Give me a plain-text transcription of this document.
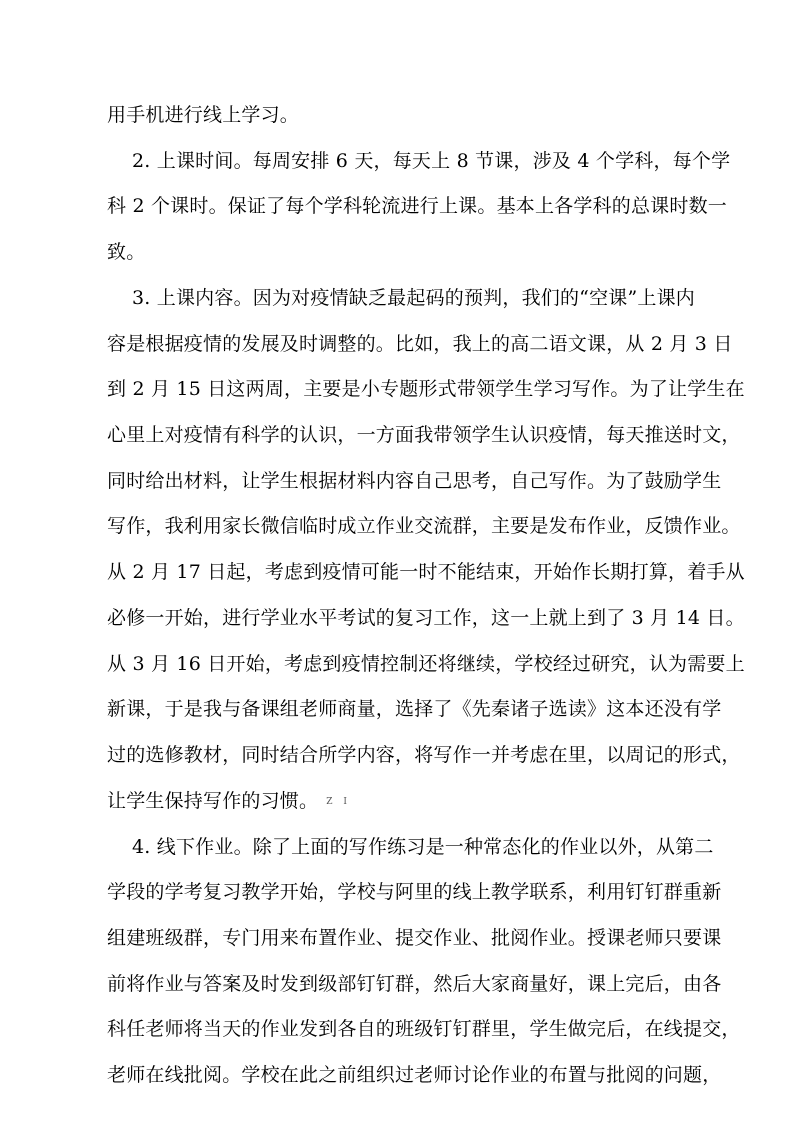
用手机进行线上学习。
2. 上课时间。每周安排 6 天，每天上 8 节课，涉及 4 个学科，每个学
科 2 个课时。保证了每个学科轮流进行上课。基本上各学科的总课时数一
致。
3. 上课内容。因为对疫情缺乏最起码的预判，我们的“空课”上课内
容是根据疫情的发展及时调整的。比如，我上的高二语文课，从 2 月 3 日
到 2 月 15 日这两周，主要是小专题形式带领学生学习写作。为了让学生在
心里上对疫情有科学的认识，一方面我带领学生认识疫情，每天推送时文，
同时给出材料，让学生根据材料内容自己思考，自己写作。为了鼓励学生
写作，我利用家长微信临时成立作业交流群，主要是发布作业，反馈作业。
从 2 月 17 日起，考虑到疫情可能一时不能结束，开始作长期打算，着手从
必修一开始，进行学业水平考试的复习工作，这一上就上到了 3 月 14 日。
从 3 月 16 日开始，考虑到疫情控制还将继续，学校经过研究，认为需要上
新课，于是我与备课组老师商量，选择了《先秦诸子选读》这本还没有学
过的选修教材，同时结合所学内容，将写作一并考虑在里，以周记的形式，
让学生保持写作的习惯。 Z I
4. 线下作业。除了上面的写作练习是一种常态化的作业以外，从第二
学段的学考复习教学开始，学校与阿里的线上教学联系，利用钉钉群重新
组建班级群，专门用来布置作业、提交作业、批阅作业。授课老师只要课
前将作业与答案及时发到级部钉钉群，然后大家商量好，课上完后，由各
科任老师将当天的作业发到各自的班级钉钉群里，学生做完后，在线提交，
老师在线批阅。学校在此之前组织过老师讨论作业的布置与批阅的问题，
